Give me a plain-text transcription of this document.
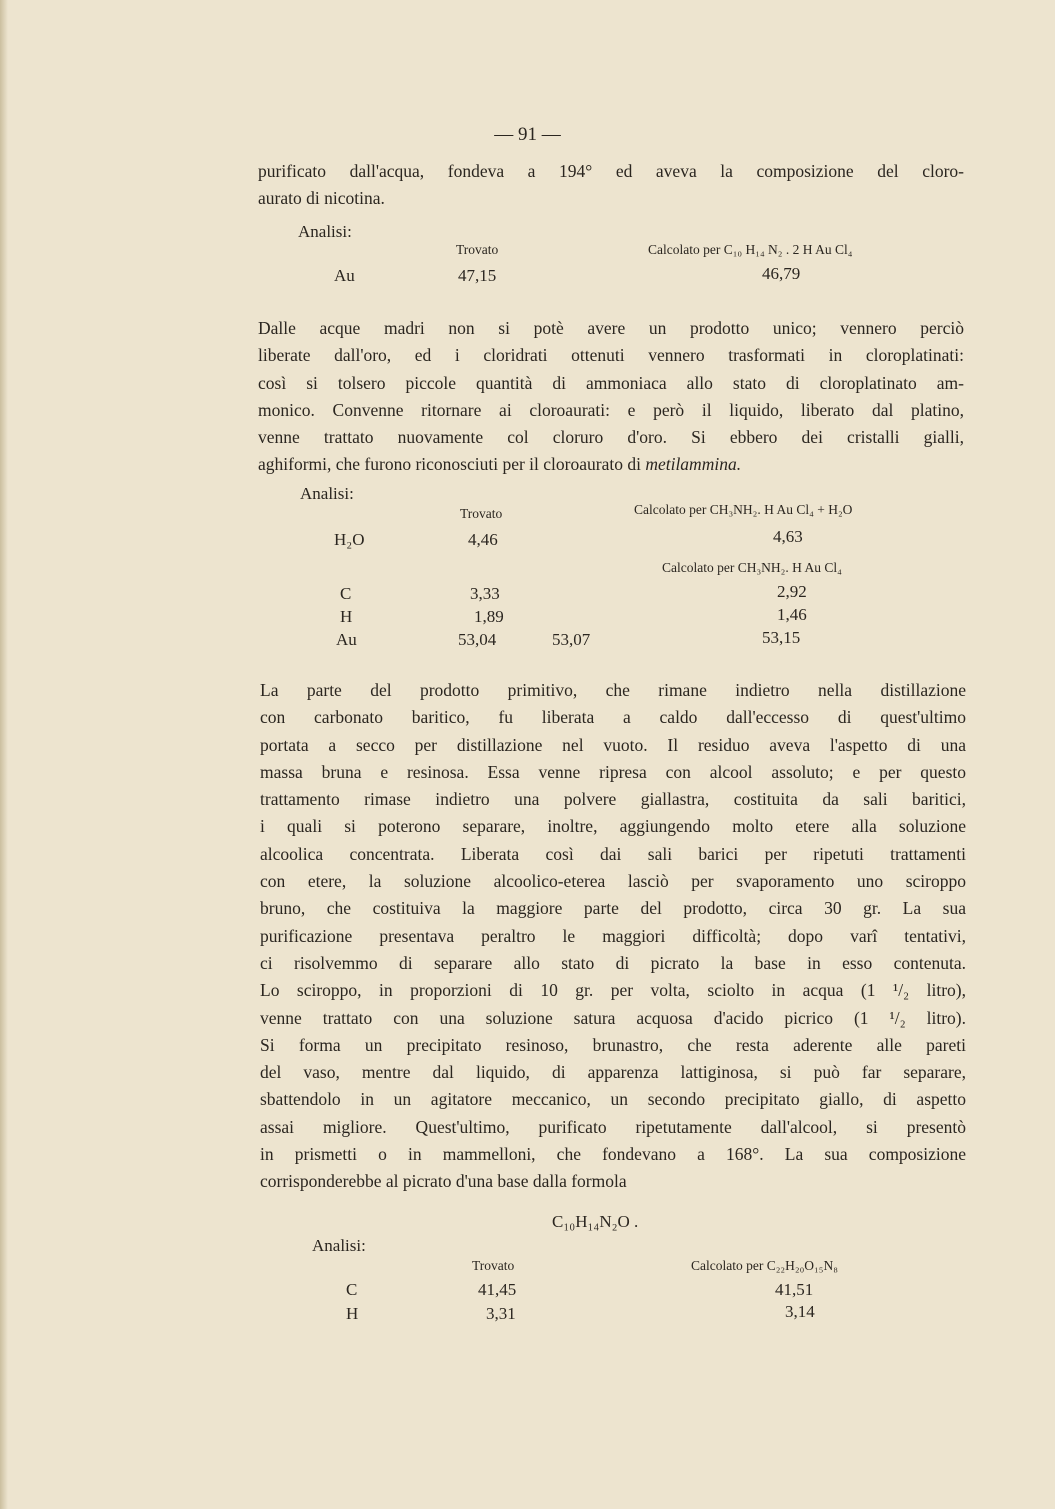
— 91 —
purificato dall'acqua, fondeva a 194° ed aveva la composizione del cloro-
aurato di nicotina.
Analisi:
Trovato	Calcolato per C₁₀ H₁₄ N₂ . 2 H Au Cl₄
Au	47,15	46,79
Dalle acque madri non si potè avere un prodotto unico; vennero perciò
liberate dall'oro, ed i cloridrati ottenuti vennero trasformati in cloroplatinati:
così si tolsero piccole quantità di ammoniaca allo stato di cloroplatinato am-
monico. Convenne ritornare ai cloroaurati: e però il liquido, liberato dal platino,
venne trattato nuovamente col cloruro d'oro. Si ebbero dei cristalli gialli,
aghiformi, che furono riconosciuti per il cloroaurato di metilammina.
Analisi:
Trovato	Calcolato per CH₃NH₂. H Au Cl₄ + H₂O
H₂O	4,46	4,63
Calcolato per CH₃NH₂. H Au Cl₄
C	3,33	2,92
H	1,89	1,46
Au	53,04	53,07	53,15
La parte del prodotto primitivo, che rimane indietro nella distillazione
con carbonato baritico, fu liberata a caldo dall'eccesso di quest'ultimo
portata a secco per distillazione nel vuoto. Il residuo aveva l'aspetto di una
massa bruna e resinosa. Essa venne ripresa con alcool assoluto; e per questo
trattamento rimase indietro una polvere giallastra, costituita da sali baritici,
i quali si poterono separare, inoltre, aggiungendo molto etere alla soluzione
alcoolica concentrata. Liberata così dai sali barici per ripetuti trattamenti
con etere, la soluzione alcoolico-eterea lasciò per svaporamento uno sciroppo
bruno, che costituiva la maggiore parte del prodotto, circa 30 gr. La sua
purificazione presentava peraltro le maggiori difficoltà; dopo varî tentativi,
ci risolvemmo di separare allo stato di picrato la base in esso contenuta.
Lo sciroppo, in proporzioni di 10 gr. per volta, sciolto in acqua (1 ¹/₂ litro),
venne trattato con una soluzione satura acquosa d'acido picrico (1 ¹/₂ litro).
Si forma un precipitato resinoso, brunastro, che resta aderente alle pareti
del vaso, mentre dal liquido, di apparenza lattiginosa, si può far separare,
sbattendolo in un agitatore meccanico, un secondo precipitato giallo, di aspetto
assai migliore. Quest'ultimo, purificato ripetutamente dall'alcool, si presentò
in prismetti o in mammelloni, che fondevano a 168°. La sua composizione
corrisponderebbe al picrato d'una base dalla formola
C₁₀H₁₄N₂O .
Analisi:
Trovato	Calcolato per C₂₂H₂₀O₁₅N₈
C	41,45	41,51
H	3,31	3,14
